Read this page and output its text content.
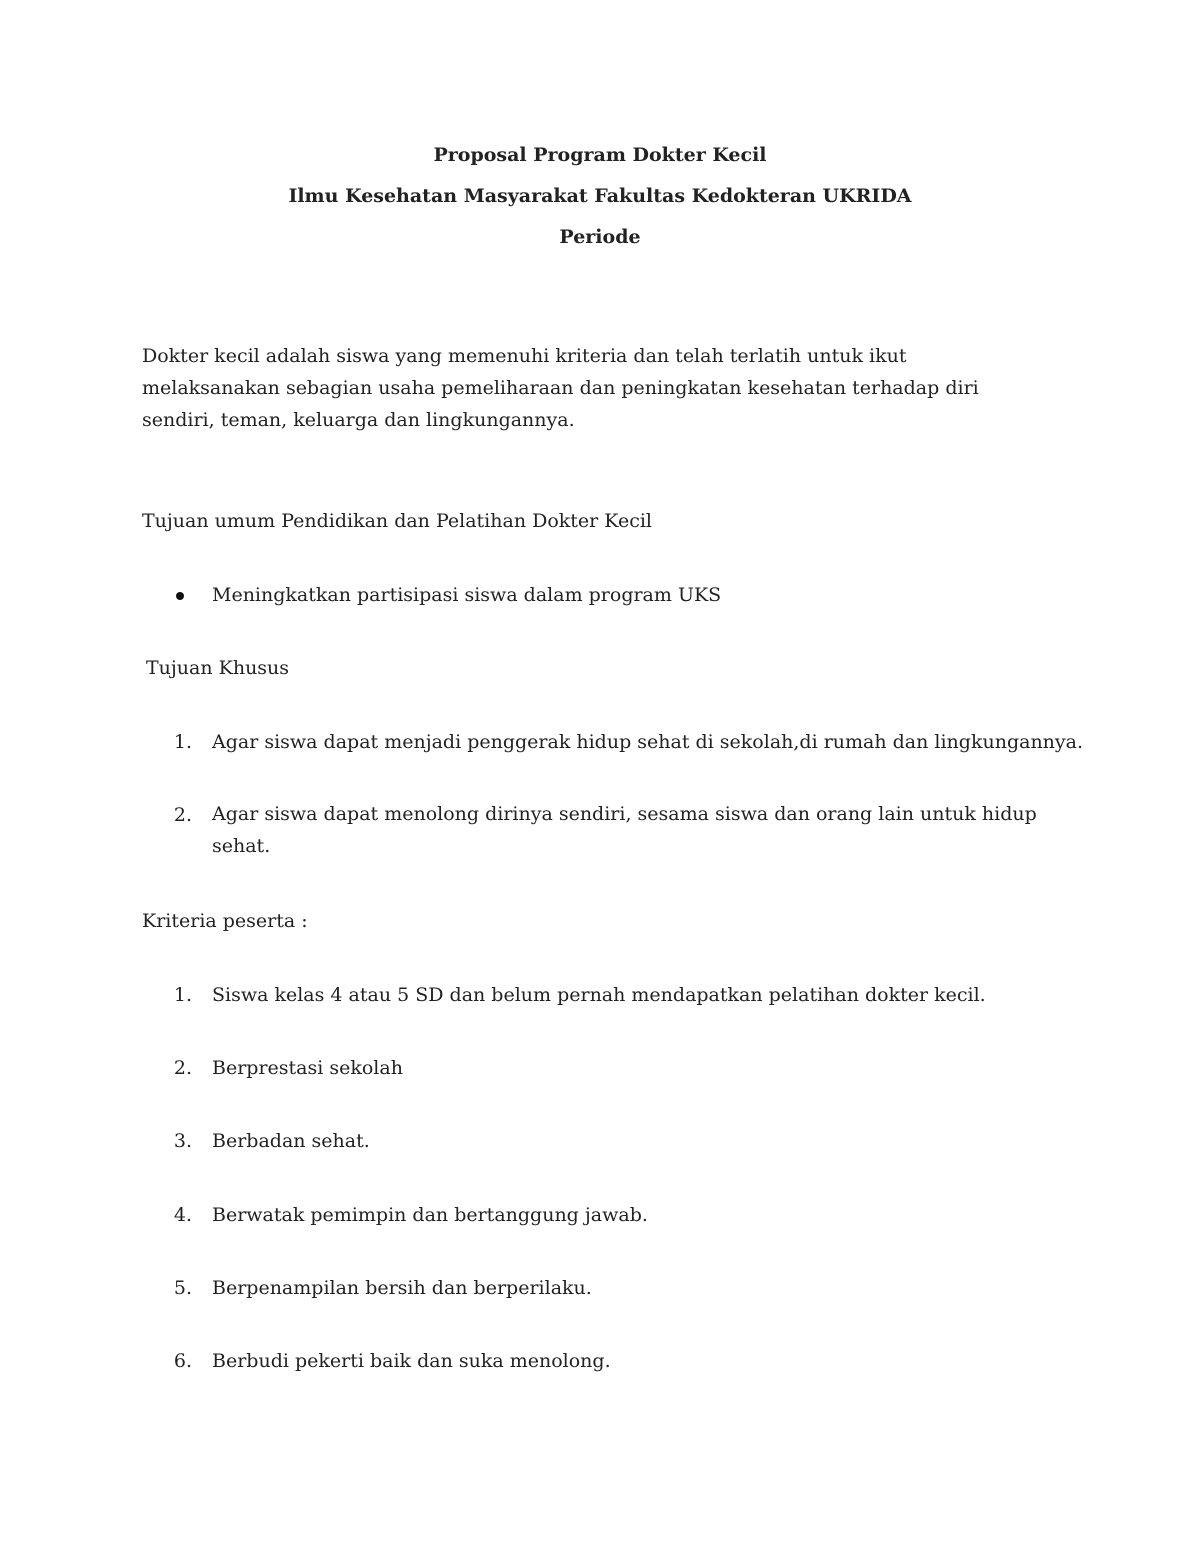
Proposal Program Dokter Kecil
Ilmu Kesehatan Masyarakat Fakultas Kedokteran UKRIDA
Periode
Dokter kecil adalah siswa yang memenuhi kriteria dan telah terlatih untuk ikut melaksanakan sebagian usaha pemeliharaan dan peningkatan kesehatan terhadap diri sendiri, teman, keluarga dan lingkungannya.
Tujuan umum Pendidikan dan Pelatihan Dokter Kecil
Meningkatkan partisipasi siswa dalam program UKS
Tujuan Khusus
1. Agar siswa dapat menjadi penggerak hidup sehat di sekolah,di rumah dan lingkungannya.
2. Agar siswa dapat menolong dirinya sendiri, sesama siswa dan orang lain untuk hidup sehat.
Kriteria peserta :
1. Siswa kelas 4 atau 5 SD dan belum pernah mendapatkan pelatihan dokter kecil.
2. Berprestasi sekolah
3. Berbadan sehat.
4. Berwatak pemimpin dan bertanggung jawab.
5. Berpenampilan bersih dan berperilaku.
6. Berbudi pekerti baik dan suka menolong.
